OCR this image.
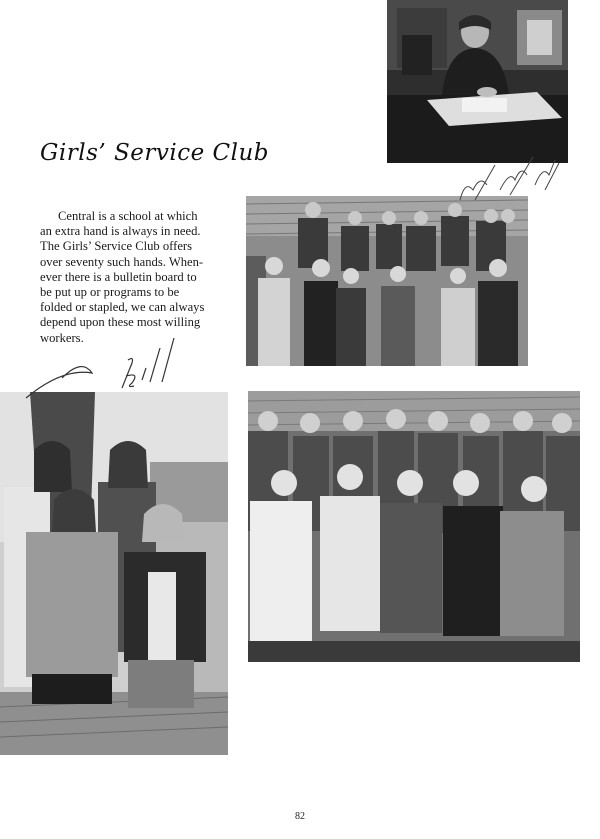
Girls’ Service Club
Central is a school at which
an extra hand is always in need.
The Girls’ Service Club offers
over seventy such hands. When-
ever there is a bulletin board to
be put up or programs to be
folded or stapled, we can always
depend upon these most willing
workers.
82
